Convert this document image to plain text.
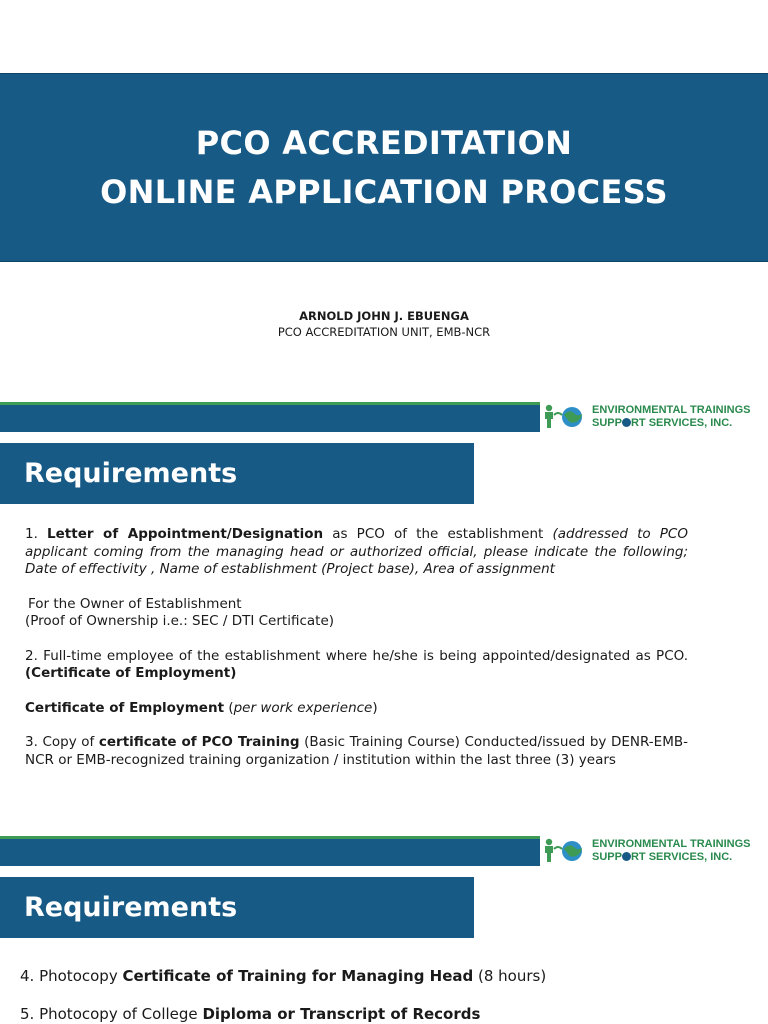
PCO ACCREDITATION
ONLINE APPLICATION PROCESS
ARNOLD JOHN J. EBUENGA
PCO ACCREDITATION UNIT, EMB-NCR
ENVIRONMENTAL TRAININGS
SUPP RT SERVICES, INC.
Requirements

1. Letter of Appointment/Designation as PCO of the establishment (addressed to PCO applicant coming from the managing head or authorized official, please indicate the following; Date of effectivity , Name of establishment (Project base), Area of assignment

For the Owner of Establishment
(Proof of Ownership i.e.: SEC / DTI Certificate)

2. Full-time employee of the establishment where he/she is being appointed/designated as PCO. (Certificate of Employment)

Certificate of Employment (per work experience)

3. Copy of certificate of PCO Training (Basic Training Course) Conducted/issued by DENR-EMB-NCR or EMB-recognized training organization / institution within the last three (3) years

ENVIRONMENTAL TRAININGS
SUPP RT SERVICES, INC.
Requirements

4. Photocopy Certificate of Training for Managing Head (8 hours)

5. Photocopy of College Diploma or Transcript of Records
